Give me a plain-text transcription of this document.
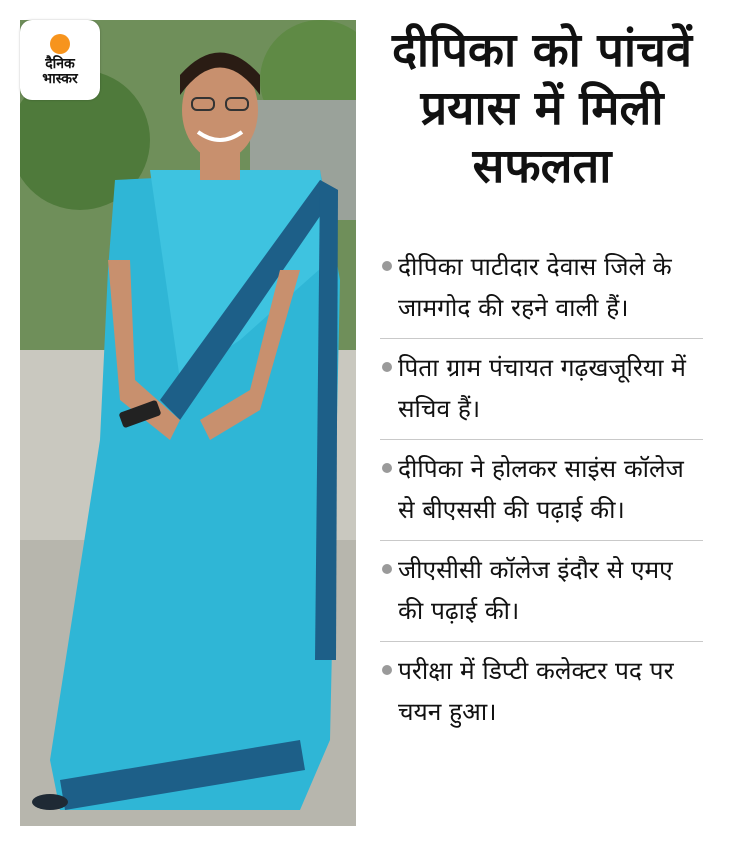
दैनिक
भास्कर
दीपिका को पांचवें प्रयास में मिली सफलता
दीपिका पाटीदार देवास जिले के जामगोद की रहने वाली हैं।
पिता ग्राम पंचायत गढ़खजूरिया में सचिव हैं।
दीपिका ने होलकर साइंस कॉलेज से बीएससी की पढ़ाई की।
जीएसीसी कॉलेज इंदौर से एमए की पढ़ाई की।
परीक्षा में डिप्टी कलेक्टर पद पर चयन हुआ।
